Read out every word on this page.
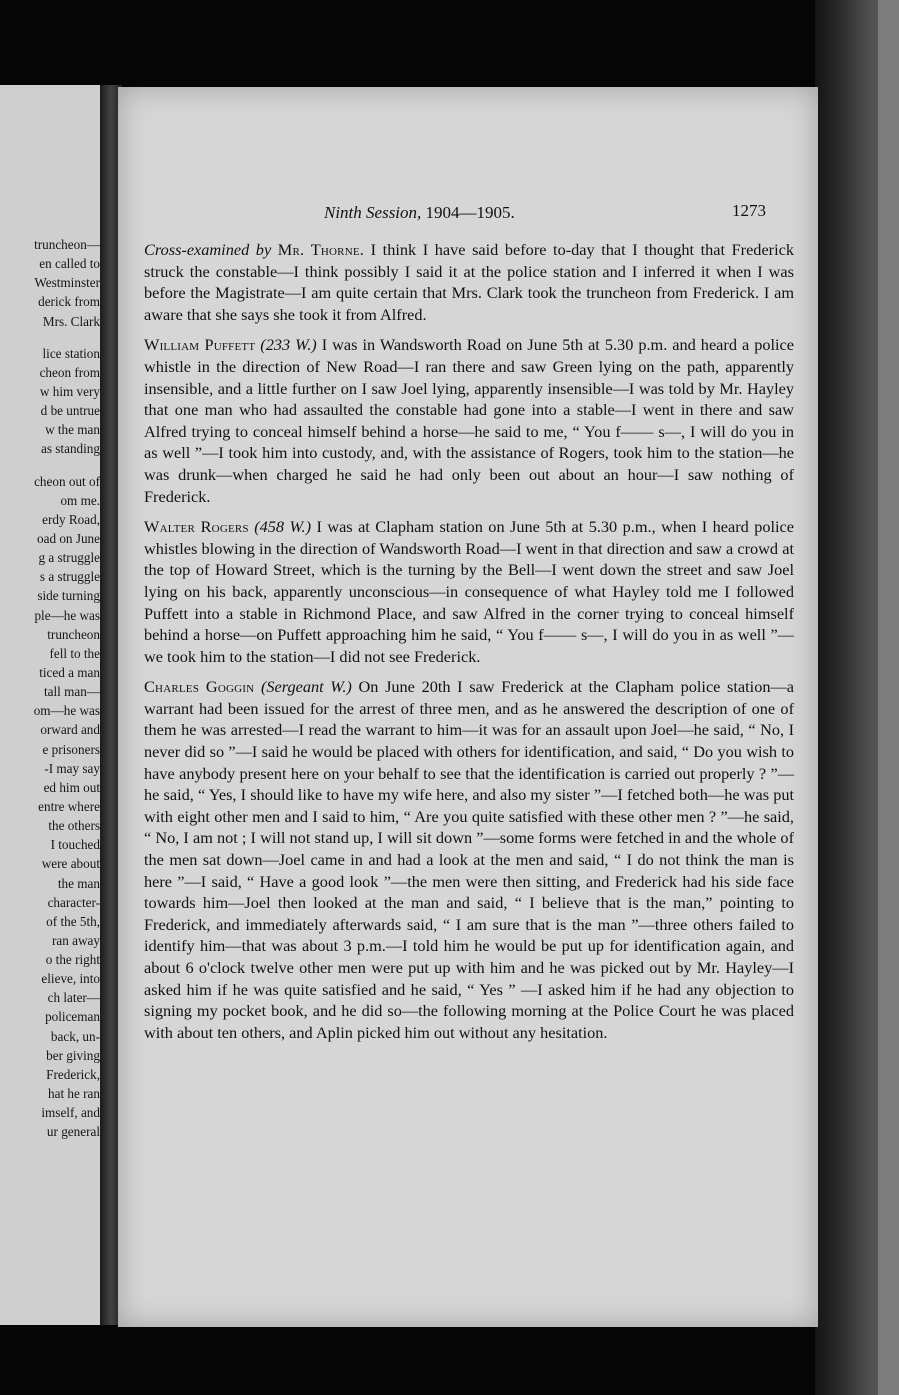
truncheon—
en called to
Westminster
derick from
Mrs. Clark
lice station
cheon from
w him very
d be untrue
w the man
as standing
cheon out of
om me.
erdy Road,
oad on June
g a struggle
s a struggle
side turning
ple—he was
truncheon
fell to the
ticed a man
tall man—
om—he was
orward and
e prisoners
-I may say
ed him out
entre where
the others
I touched
were about
the man
character-
of the 5th,
ran away
o the right
elieve, into
ch later—
policeman
back, un-
ber giving
Frederick,
hat he ran
imself, and
ur general
Ninth Session, 1904—1905.	1273

Cross-examined by Mr. Thorne. I think I have said before to-day that I thought that Frederick struck the constable—I think possibly I said it at the police station and I inferred it when I was before the Magistrate—I am quite certain that Mrs. Clark took the truncheon from Frederick. I am aware that she says she took it from Alfred.

William Puffett (233 W.) I was in Wandsworth Road on June 5th at 5.30 p.m. and heard a police whistle in the direction of New Road—I ran there and saw Green lying on the path, apparently insensible, and a little further on I saw Joel lying, apparently insensible—I was told by Mr. Hayley that one man who had assaulted the constable had gone into a stable—I went in there and saw Alfred trying to conceal himself behind a horse—he said to me, “ You f—— s—, I will do you in as well ”—I took him into custody, and, with the assistance of Rogers, took him to the station—he was drunk—when charged he said he had only been out about an hour—I saw nothing of Frederick.

Walter Rogers (458 W.) I was at Clapham station on June 5th at 5.30 p.m., when I heard police whistles blowing in the direction of Wandsworth Road—I went in that direction and saw a crowd at the top of Howard Street, which is the turning by the Bell—I went down the street and saw Joel lying on his back, apparently unconscious—in consequence of what Hayley told me I followed Puffett into a stable in Richmond Place, and saw Alfred in the corner trying to conceal himself behind a horse—on Puffett approaching him he said, “ You f—— s—, I will do you in as well ”—we took him to the station—I did not see Frederick.

Charles Goggin (Sergeant W.) On June 20th I saw Frederick at the Clapham police station—a warrant had been issued for the arrest of three men, and as he answered the description of one of them he was arrested—I read the warrant to him—it was for an assault upon Joel—he said, “ No, I never did so ”—I said he would be placed with others for identification, and said, “ Do you wish to have anybody present here on your behalf to see that the identification is carried out properly ? ”—he said, “ Yes, I should like to have my wife here, and also my sister ”—I fetched both—he was put with eight other men and I said to him, “ Are you quite satisfied with these other men ? ”—he said, “ No, I am not ; I will not stand up, I will sit down ”—some forms were fetched in and the whole of the men sat down—Joel came in and had a look at the men and said, “ I do not think the man is here ”—I said, “ Have a good look ”—the men were then sitting, and Frederick had his side face towards him—Joel then looked at the man and said, “ I believe that is the man,” pointing to Frederick, and immediately afterwards said, “ I am sure that is the man ”—three others failed to identify him—that was about 3 p.m.—I told him he would be put up for identification again, and about 6 o'clock twelve other men were put up with him and he was picked out by Mr. Hayley—I asked him if he was quite satisfied and he said, “ Yes ” —I asked him if he had any objection to signing my pocket book, and he did so—the following morning at the Police Court he was placed with about ten others, and Aplin picked him out without any hesitation.
